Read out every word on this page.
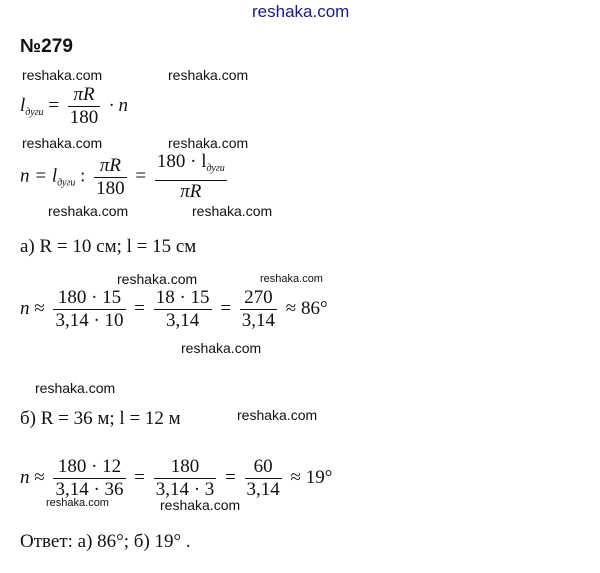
reshaka.com
№279
reshaka.com	reshaka.com
$l_{дуги} = \frac{\pi R}{180} \cdot n$
reshaka.com	reshaka.com
$n = l_{дуги}$ : $\frac{\pi R}{180} = \frac{180 \cdot l_{дуги}}{\pi R}$
reshaka.com	reshaka.com
а) R = 10 см; l = 15 см
reshaka.com	reshaka.com
$n \approx \frac{180 \cdot 15}{3,14 \cdot 10} = \frac{18 \cdot 15}{3,14} = \frac{270}{3,14} \approx 86^\circ$
reshaka.com
reshaka.com
б) R = 36 м; l = 12 м	reshaka.com
$n \approx \frac{180 \cdot 12}{3,14 \cdot 36} = \frac{180}{3,14 \cdot 3} = \frac{60}{3,14} \approx 19^\circ$
reshaka.com	reshaka.com
Ответ: а) 86°; б) 19° .
